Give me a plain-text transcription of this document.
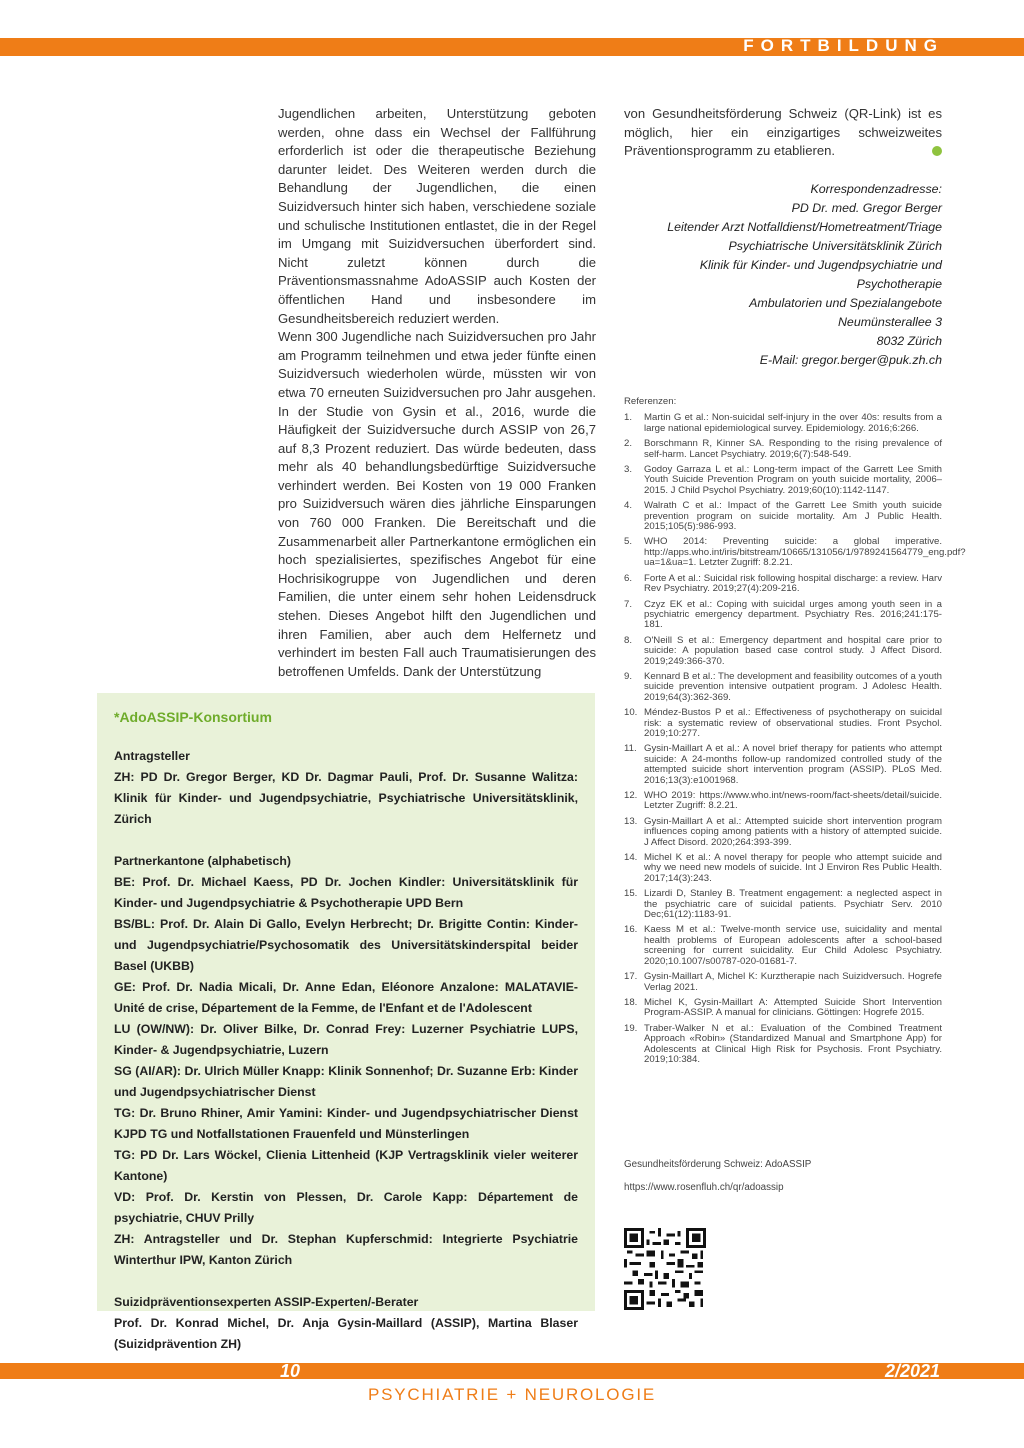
FORTBILDUNG

Jugendlichen arbeiten, Unterstützung geboten werden, ohne dass ein Wechsel der Fallführung erforderlich ist oder die therapeutische Beziehung darunter leidet. Des Weiteren werden durch die Behandlung der Jugendlichen, die einen Suizidversuch hinter sich haben, verschiedene soziale und schulische Institutionen entlastet, die in der Regel im Umgang mit Suizidversuchen überfordert sind. Nicht zuletzt können durch die Präventionsmassnahme AdoASSIP auch Kosten der öffentlichen Hand und insbesondere im Gesundheitsbereich reduziert werden.

Wenn 300 Jugendliche nach Suizidversuchen pro Jahr am Programm teilnehmen und etwa jeder fünfte einen Suizidversuch wiederholen würde, müssten wir von etwa 70 erneuten Suizidversuchen pro Jahr ausgehen. In der Studie von Gysin et al., 2016, wurde die Häufigkeit der Suizidversuche durch ASSIP von 26,7 auf 8,3 Prozent reduziert. Das würde bedeuten, dass mehr als 40 behandlungsbedürftige Suizidversuche verhindert werden. Bei Kosten von 19 000 Franken pro Suizidversuch wären dies jährliche Einsparungen von 760 000 Franken. Die Bereitschaft und die Zusammenarbeit aller Partnerkantone ermöglichen ein hoch spezialisiertes, spezifisches Angebot für eine Hochrisikogruppe von Jugendlichen und deren Familien, die unter einem sehr hohen Leidensdruck stehen. Dieses Angebot hilft den Jugendlichen und ihren Familien, aber auch dem Helfernetz und verhindert im besten Fall auch Traumatisierungen des betroffenen Umfelds. Dank der Unterstützung

von Gesundheitsförderung Schweiz (QR-Link) ist es möglich, hier ein einzigartiges schweizweites Präventionsprogramm zu etablieren.

Korrespondenzadresse:
PD Dr. med. Gregor Berger
Leitender Arzt Notfalldienst/Hometreatment/Triage
Psychiatrische Universitätsklinik Zürich
Klinik für Kinder- und Jugendpsychiatrie und
Psychotherapie
Ambulatorien und Spezialangebote
Neumünsterallee 3
8032 Zürich
E-Mail: gregor.berger@puk.zh.ch
Referenzen:
1. Martin G et al.: Non-suicidal self-injury in the over 40s: results from a large national epidemiological survey. Epidemiology. 2016;6:266.
2. Borschmann R, Kinner SA. Responding to the rising prevalence of self-harm. Lancet Psychiatry. 2019;6(7):548-549.
3. Godoy Garraza L et al.: Long-term impact of the Garrett Lee Smith Youth Suicide Prevention Program on youth suicide mortality, 2006–2015. J Child Psychol Psychiatry. 2019;60(10):1142-1147.
4. Walrath C et al.: Impact of the Garrett Lee Smith youth suicide prevention program on suicide mortality. Am J Public Health. 2015;105(5):986-993.
5. WHO 2014: Preventing suicide: a global imperative. http://apps.who.int/iris/bitstream/10665/131056/1/9789241564779_eng.pdf?ua=1&ua=1. Letzter Zugriff: 8.2.21.
6. Forte A et al.: Suicidal risk following hospital discharge: a review. Harv Rev Psychiatry. 2019;27(4):209-216.
7. Czyz EK et al.: Coping with suicidal urges among youth seen in a psychiatric emergency department. Psychiatry Res. 2016;241:175-181.
8. O'Neill S et al.: Emergency department and hospital care prior to suicide: A population based case control study. J Affect Disord. 2019;249:366-370.
9. Kennard B et al.: The development and feasibility outcomes of a youth suicide prevention intensive outpatient program. J Adolesc Health. 2019;64(3):362-369.
10. Méndez-Bustos P et al.: Effectiveness of psychotherapy on suicidal risk: a systematic review of observational studies. Front Psychol. 2019;10:277.
11. Gysin-Maillart A et al.: A novel brief therapy for patients who attempt suicide: A 24-months follow-up randomized controlled study of the attempted suicide short intervention program (ASSIP). PLoS Med. 2016;13(3):e1001968.
12. WHO 2019: https://www.who.int/news-room/fact-sheets/detail/suicide. Letzter Zugriff: 8.2.21.
13. Gysin-Maillart A et al.: Attempted suicide short intervention program influences coping among patients with a history of attempted suicide. J Affect Disord. 2020;264:393-399.
14. Michel K et al.: A novel therapy for people who attempt suicide and why we need new models of suicide. Int J Environ Res Public Health. 2017;14(3):243.
15. Lizardi D, Stanley B. Treatment engagement: a neglected aspect in the psychiatric care of suicidal patients. Psychiatr Serv. 2010 Dec;61(12):1183-91.
16. Kaess M et al.: Twelve-month service use, suicidality and mental health problems of European adolescents after a school-based screening for current suicidality. Eur Child Adolesc Psychiatry. 2020;10.1007/s00787-020-01681-7.
17. Gysin-Maillart A, Michel K: Kurztherapie nach Suizidversuch. Hogrefe Verlag 2021.
18. Michel K, Gysin-Maillart A: Attempted Suicide Short Intervention Program-ASSIP. A manual for clinicians. Göttingen: Hogrefe 2015.
19. Traber-Walker N et al.: Evaluation of the Combined Treatment Approach «Robin» (Standardized Manual and Smartphone App) for Adolescents at Clinical High Risk for Psychosis. Front Psychiatry. 2019;10:384.
*AdoASSIP-Konsortium
Antragsteller
ZH: PD Dr. Gregor Berger, KD Dr. Dagmar Pauli, Prof. Dr. Susanne Walitza: Klinik für Kinder- und Jugendpsychiatrie, Psychiatrische Universitätsklinik, Zürich
Partnerkantone (alphabetisch)
BE: Prof. Dr. Michael Kaess, PD Dr. Jochen Kindler: Universitätsklinik für Kinder- und Jugendpsychiatrie & Psychotherapie UPD Bern
BS/BL: Prof. Dr. Alain Di Gallo, Evelyn Herbrecht; Dr. Brigitte Contin: Kinder- und Jugendpsychiatrie/Psychosomatik des Universitätskinderspital beider Basel (UKBB)
GE: Prof. Dr. Nadia Micali, Dr. Anne Edan, Eléonore Anzalone: MALATAVIE-Unité de crise, Département de la Femme, de l'Enfant et de l'Adolescent
LU (OW/NW): Dr. Oliver Bilke, Dr. Conrad Frey: Luzerner Psychiatrie LUPS, Kinder- & Jugendpsychiatrie, Luzern
SG (AI/AR): Dr. Ulrich Müller Knapp: Klinik Sonnenhof; Dr. Suzanne Erb: Kinder und Jugendpsychiatrischer Dienst
TG: Dr. Bruno Rhiner, Amir Yamini: Kinder- und Jugendpsychiatrischer Dienst KJPD TG und Notfallstationen Frauenfeld und Münsterlingen
TG: PD Dr. Lars Wöckel, Clienia Littenheid (KJP Vertragsklinik vieler weiterer Kantone)
VD: Prof. Dr. Kerstin von Plessen, Dr. Carole Kapp: Département de psychiatrie, CHUV Prilly
ZH: Antragsteller und Dr. Stephan Kupferschmid: Integrierte Psychiatrie Winterthur IPW, Kanton Zürich
Suizidpräventionsexperten ASSIP-Experten/-Berater
Prof. Dr. Konrad Michel, Dr. Anja Gysin-Maillard (ASSIP), Martina Blaser (Suizidprävention ZH)
Gesundheitsförderung Schweiz: AdoASSIP
https://www.rosenfluh.ch/qr/adoassip
10	2/2021
PSYCHIATRIE + NEUROLOGIE
